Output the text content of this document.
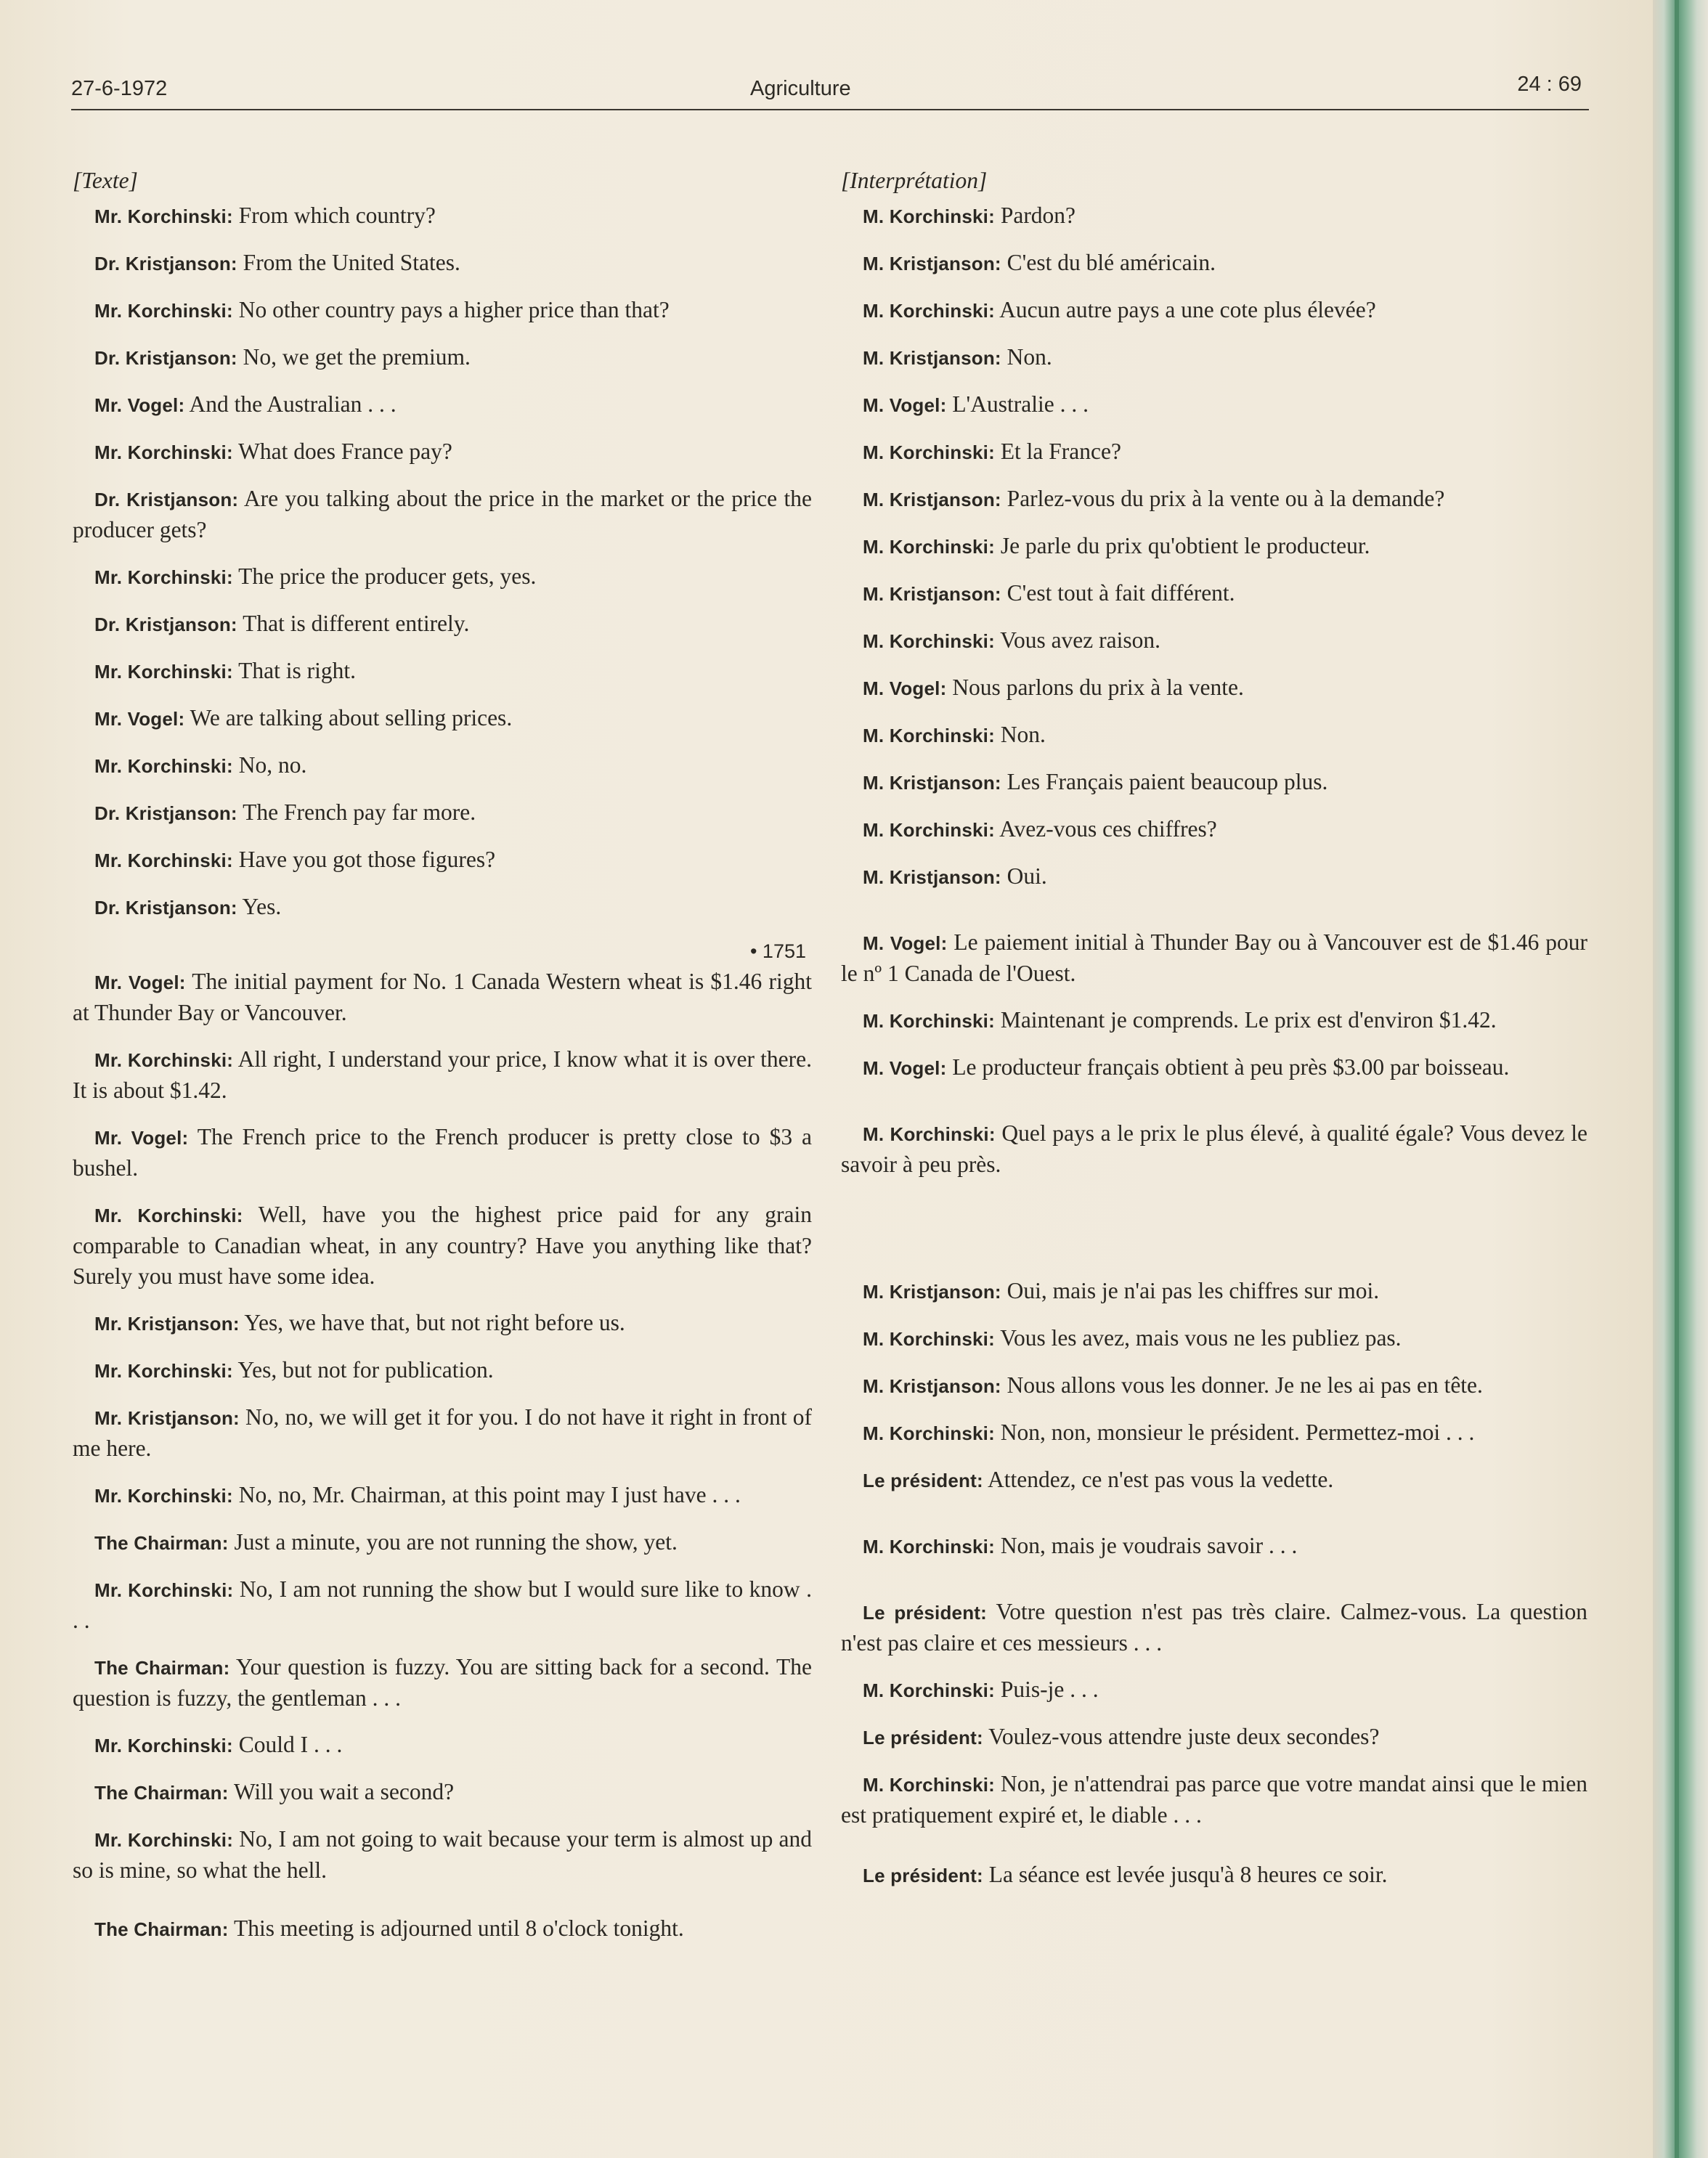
27-6-1972	Agriculture	24 : 69
[Texte]

Mr. Korchinski: From which country?

Dr. Kristjanson: From the United States.

Mr. Korchinski: No other country pays a higher price than that?

Dr. Kristjanson: No, we get the premium.

Mr. Vogel: And the Australian . . .

Mr. Korchinski: What does France pay?

Dr. Kristjanson: Are you talking about the price in the market or the price the producer gets?

Mr. Korchinski: The price the producer gets, yes.

Dr. Kristjanson: That is different entirely.

Mr. Korchinski: That is right.

Mr. Vogel: We are talking about selling prices.

Mr. Korchinski: No, no.

Dr. Kristjanson: The French pay far more.

Mr. Korchinski: Have you got those figures?

Dr. Kristjanson: Yes.

• 1751

Mr. Vogel: The initial payment for No. 1 Canada Western wheat is $1.46 right at Thunder Bay or Vancouver.

Mr. Korchinski: All right, I understand your price, I know what it is over there. It is about $1.42.

Mr. Vogel: The French price to the French producer is pretty close to $3 a bushel.

Mr. Korchinski: Well, have you the highest price paid for any grain comparable to Canadian wheat, in any country? Have you anything like that? Surely you must have some idea.

Mr. Kristjanson: Yes, we have that, but not right before us.

Mr. Korchinski: Yes, but not for publication.

Mr. Kristjanson: No, no, we will get it for you. I do not have it right in front of me here.

Mr. Korchinski: No, no, Mr. Chairman, at this point may I just have . . .

The Chairman: Just a minute, you are not running the show, yet.

Mr. Korchinski: No, I am not running the show but I would sure like to know . . .

The Chairman: Your question is fuzzy. You are sitting back for a second. The question is fuzzy, the gentleman . . .

Mr. Korchinski: Could I . . .

The Chairman: Will you wait a second?

Mr. Korchinski: No, I am not going to wait because your term is almost up and so is mine, so what the hell.

The Chairman: This meeting is adjourned until 8 o'clock tonight.

[Interprétation]

M. Korchinski: Pardon?

M. Kristjanson: C'est du blé américain.

M. Korchinski: Aucun autre pays a une cote plus élevée?

M. Kristjanson: Non.

M. Vogel: L'Australie . . .

M. Korchinski: Et la France?

M. Kristjanson: Parlez-vous du prix à la vente ou à la demande?

M. Korchinski: Je parle du prix qu'obtient le producteur.

M. Kristjanson: C'est tout à fait différent.

M. Korchinski: Vous avez raison.

M. Vogel: Nous parlons du prix à la vente.

M. Korchinski: Non.

M. Kristjanson: Les Français paient beaucoup plus.

M. Korchinski: Avez-vous ces chiffres?

M. Kristjanson: Oui.

M. Vogel: Le paiement initial à Thunder Bay ou à Vancouver est de $1.46 pour le nº 1 Canada de l'Ouest.

M. Korchinski: Maintenant je comprends. Le prix est d'environ $1.42.

M. Vogel: Le producteur français obtient à peu près $3.00 par boisseau.

M. Korchinski: Quel pays a le prix le plus élevé, à qualité égale? Vous devez le savoir à peu près.

M. Kristjanson: Oui, mais je n'ai pas les chiffres sur moi.

M. Korchinski: Vous les avez, mais vous ne les publiez pas.

M. Kristjanson: Nous allons vous les donner. Je ne les ai pas en tête.

M. Korchinski: Non, non, monsieur le président. Permettez-moi . . .

Le président: Attendez, ce n'est pas vous la vedette.

M. Korchinski: Non, mais je voudrais savoir . . .

Le président: Votre question n'est pas très claire. Calmez-vous. La question n'est pas claire et ces messieurs . . .

M. Korchinski: Puis-je . . .

Le président: Voulez-vous attendre juste deux secondes?

M. Korchinski: Non, je n'attendrai pas parce que votre mandat ainsi que le mien est pratiquement expiré et, le diable . . .

Le président: La séance est levée jusqu'à 8 heures ce soir.
